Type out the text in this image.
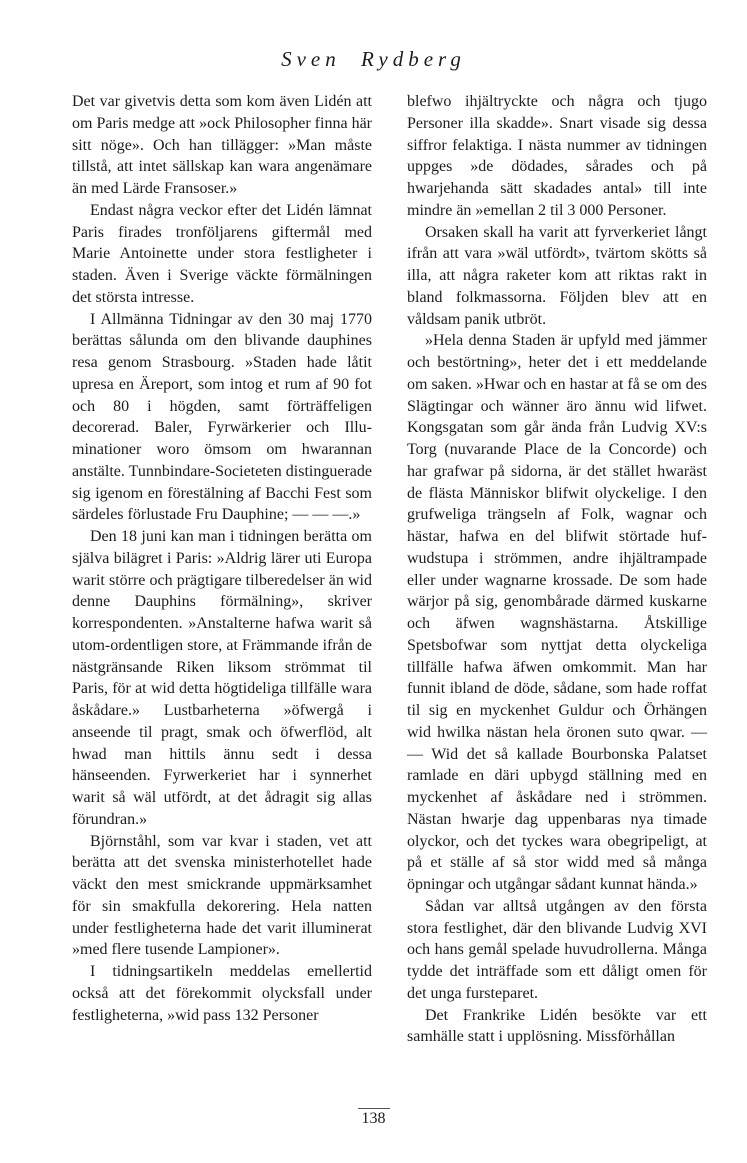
Sven Rydberg

Det var givetvis detta som kom även Lidén att om Paris medge att »ock Philosopher finna här sitt nöge». Och han tillägger: »Man måste tillstå, att intet sällskap kan wara angenämare än med Lärde Fransoser.»

Endast några veckor efter det Lidén lämnat Paris firades tronföljarens giftermål med Marie Antoinette under stora festligheter i staden. Även i Sverige väckte förmälningen det största intresse.

I Allmänna Tidningar av den 30 maj 1770 berättas sålunda om den blivande dauphines resa genom Strasbourg. »Staden hade låtit upresa en Äreport, som intog et rum af 90 fot och 80 i högden, samt förträffeligen decorerad. Baler, Fyrwärkerier och Illuminationer woro ömsom om hwarannan anstälte. Tunnbindare-Societeten distinguerade sig igenom en förestälning af Bacchi Fest som särdeles förlustade Fru Dauphine; — — —.»

Den 18 juni kan man i tidningen berätta om själva bilägret i Paris: »Aldrig lärer uti Europa warit större och prägtigare tilberedelser än wid denne Dauphins förmälning», skriver korrespondenten. »Anstalterne hafwa warit så utom-ordentligen store, at Främmande ifrån de nästgränsande Riken liksom strömmat til Paris, för at wid detta högtideliga tillfälle wara åskådare.» Lustbarheterna »öfwergå i anseende til pragt, smak och öfwerflöd, alt hwad man hittils ännu sedt i dessa hänseenden. Fyrwerkeriet har i synnerhet warit så wäl utfördt, at det ådragit sig allas förundran.»

Björnståhl, som var kvar i staden, vet att berätta att det svenska ministerhotellet hade väckt den mest smickrande uppmärksamhet för sin smakfulla dekorering. Hela natten under festligheterna hade det varit illuminerat »med flere tusende Lampioner».

I tidningsartikeln meddelas emellertid också att det förekommit olycksfall under festligheterna, »wid pass 132 Personer

blefwo ihjältryckte och några och tjugo Personer illa skadde». Snart visade sig dessa siffror felaktiga. I nästa nummer av tidningen uppges »de dödades, sårades och på hwarjehanda sätt skadades antal» till inte mindre än »emellan 2 til 3 000 Personer.

Orsaken skall ha varit att fyrverkeriet långt ifrån att vara »wäl utfördt», tvärtom skötts så illa, att några raketer kom att riktas rakt in bland folkmassorna. Följden blev att en våldsam panik utbröt.

»Hela denna Staden är upfyld med jämmer och bestörtning», heter det i ett meddelande om saken. »Hwar och en hastar at få se om des Slägtingar och wänner äro ännu wid lifwet. Kongsgatan som går ända från Ludvig XV:s Torg (nuvarande Place de la Concorde) och har grafwar på sidorna, är det stället hwaräst de flästa Människor blifwit olyckelige. I den grufweliga trängseln af Folk, wagnar och hästar, hafwa en del blifwit störtade hufwudstupa i strömmen, andre ihjältrampade eller under wagnarne krossade. De som hade wärjor på sig, genombårade därmed kuskarne och äfwen wagnshästarna. Åtskillige Spetsbofwar som nyttjat detta olyckeliga tillfälle hafwa äfwen omkommit. Man har funnit ibland de döde, sådane, som hade roffat til sig en myckenhet Guldur och Örhängen wid hwilka nästan hela öronen suto qwar. — — Wid det så kallade Bourbonska Palatset ramlade en däri upbygd ställning med en myckenhet af åskådare ned i strömmen. Nästan hwarje dag uppenbaras nya timade olyckor, och det tyckes wara obegripeligt, at på et ställe af så stor widd med så många öpningar och utgångar sådant kunnat hända.»

Sådan var alltså utgången av den första stora festlighet, där den blivande Ludvig XVI och hans gemål spelade huvudrollerna. Många tydde det inträffade som ett dåligt omen för det unga fursteparet.

Det Frankrike Lidén besökte var ett samhälle statt i upplösning. Missförhållan

138
